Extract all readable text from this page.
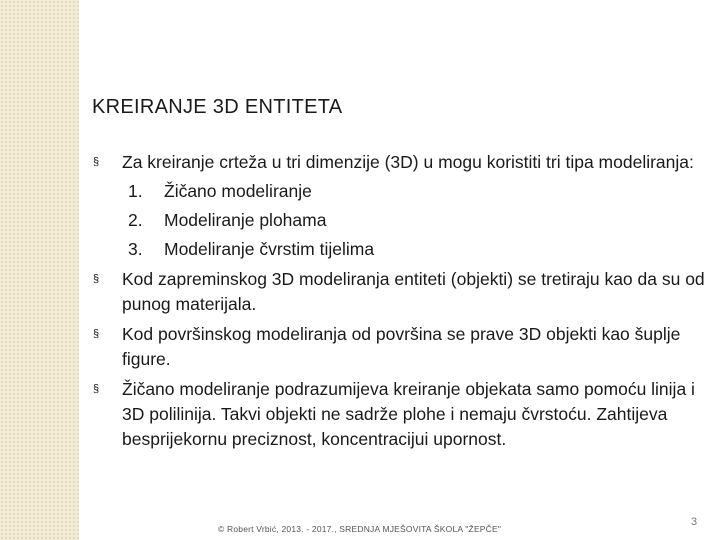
KREIRANJE 3D ENTITETA

§ Za kreiranje crteža u tri dimenzije (3D) u mogu koristiti tri tipa modeliranja:

1. Žičano modeliranje

2. Modeliranje plohama

3. Modeliranje čvrstim tijelima

§ Kod zapreminskog 3D modeliranja entiteti (objekti) se tretiraju kao da su od punog materijala.

§ Kod površinskog modeliranja od površina se prave 3D objekti kao šuplje figure.

§ Žičano modeliranje podrazumijeva kreiranje objekata samo pomoću linija i 3D polilinija. Takvi objekti ne sadrže plohe i nemaju čvrstoću. Zahtijeva besprijekornu preciznost, koncentracijui upornost.

© Robert Vrbić, 2013. - 2017., SREDNJA MJEŠOVITA ŠKOLA "ŽEPČE"
3
